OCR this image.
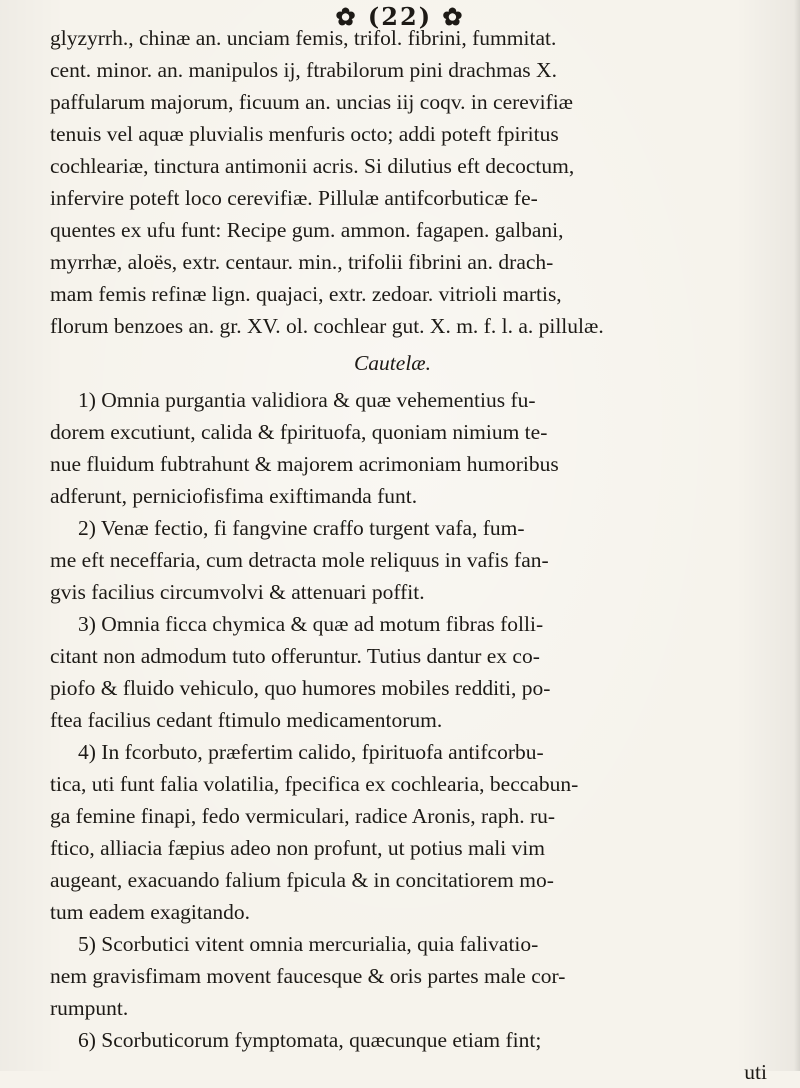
✿ (22) ✿
glyzyrrh., chinæ an. unciam femis, trifol. fibrini, fummitat.
cent. minor. an. manipulos ij, ftrabilorum pini drachmas X.
paffularum majorum, ficuum an. uncias iij coqv. in cerevifiæ
tenuis vel aquæ pluvialis menfuris octo; addi poteft fpiritus
cochleariæ, tinctura antimonii acris. Si dilutius eft decoctum,
infervire poteft loco cerevifiæ. Pillulæ antifcorbuticæ fe-
quentes ex ufu funt: Recipe gum. ammon. fagapen. galbani,
myrrhæ, aloës, extr. centaur. min., trifolii fibrini an. drach-
mam femis refinæ lign. quajaci, extr. zedoar. vitrioli martis,
florum benzoes an. gr. XV. ol. cochlear gut. X. m. f. l. a. pillulæ.
Cautelæ.
1) Omnia purgantia validiora & quæ vehementius fu-
dorem excutiunt, calida & fpirituofa, quoniam nimium te-
nue fluidum fubtrahunt & majorem acrimoniam humoribus
adferunt, perniciofisfima exiftimanda funt.
2) Venæ fectio, fi fangvine craffo turgent vafa, fum-
me eft neceffaria, cum detracta mole reliquus in vafis fan-
gvis facilius circumvolvi & attenuari poffit.
3) Omnia ficca chymica & quæ ad motum fibras folli-
citant non admodum tuto offeruntur. Tutius dantur ex co-
piofo & fluido vehiculo, quo humores mobiles redditi, po-
ftea facilius cedant ftimulo medicamentorum.
4) In fcorbuto, præfertim calido, fpirituofa antifcorbu-
tica, uti funt falia volatilia, fpecifica ex cochlearia, beccabun-
ga femine finapi, fedo vermiculari, radice Aronis, raph. ru-
ftico, alliacia fæpius adeo non profunt, ut potius mali vim
augeant, exacuando falium fpicula & in concitatiorem mo-
tum eadem exagitando.
5) Scorbutici vitent omnia mercurialia, quia falivatio-
nem gravisfimam movent faucesque & oris partes male cor-
rumpunt.
6) Scorbuticorum fymptomata, quæcunque etiam fint;
uti
